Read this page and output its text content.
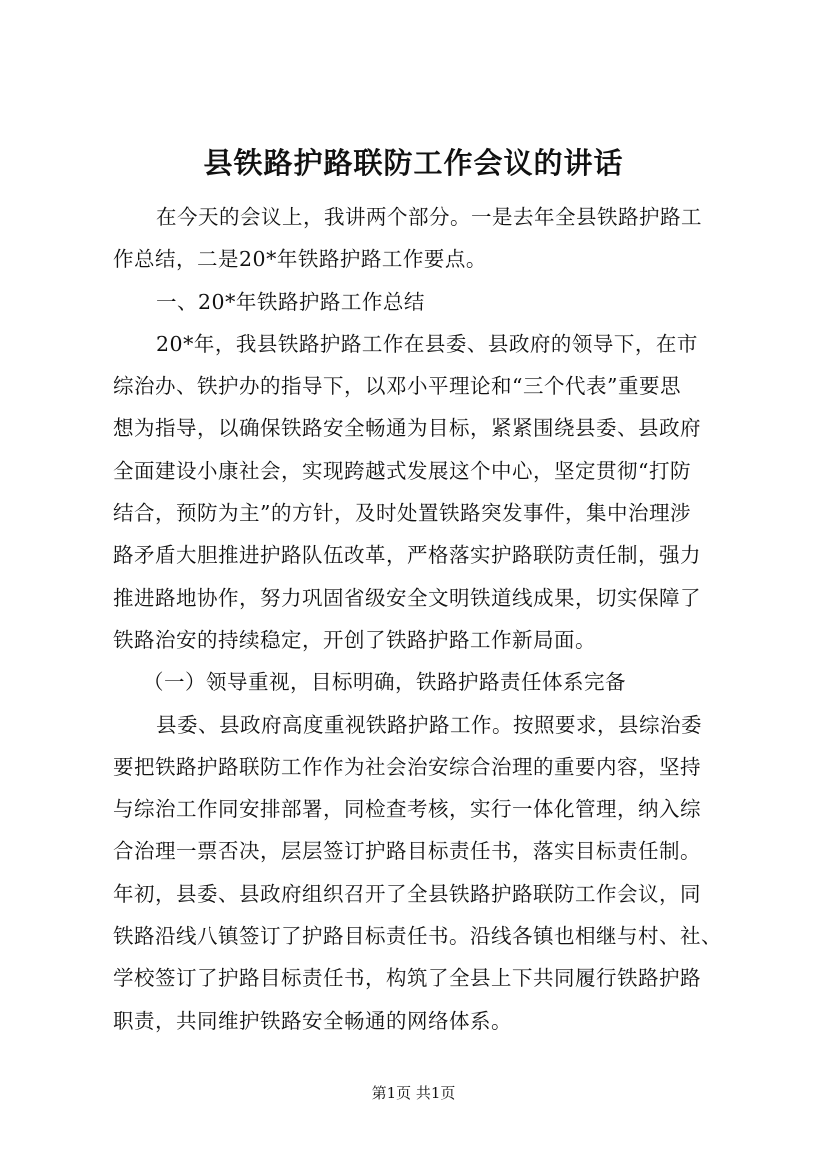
县铁路护路联防工作会议的讲话
在今天的会议上，我讲两个部分。一是去年全县铁路护路工
作总结，二是20*年铁路护路工作要点。
一、20*年铁路护路工作总结
20*年，我县铁路护路工作在县委、县政府的领导下，在市
综治办、铁护办的指导下，以邓小平理论和“三个代表”重要思
想为指导，以确保铁路安全畅通为目标，紧紧围绕县委、县政府
全面建设小康社会，实现跨越式发展这个中心，坚定贯彻“打防
结合，预防为主”的方针，及时处置铁路突发事件，集中治理涉
路矛盾大胆推进护路队伍改革，严格落实护路联防责任制，强力
推进路地协作，努力巩固省级安全文明铁道线成果，切实保障了
铁路治安的持续稳定，开创了铁路护路工作新局面。
（一）领导重视，目标明确，铁路护路责任体系完备
县委、县政府高度重视铁路护路工作。按照要求，县综治委
要把铁路护路联防工作作为社会治安综合治理的重要内容，坚持
与综治工作同安排部署，同检查考核，实行一体化管理，纳入综
合治理一票否决，层层签订护路目标责任书，落实目标责任制。
年初，县委、县政府组织召开了全县铁路护路联防工作会议，同
铁路沿线八镇签订了护路目标责任书。沿线各镇也相继与村、社、
学校签订了护路目标责任书，构筑了全县上下共同履行铁路护路
职责，共同维护铁路安全畅通的网络体系。
第1页 共1页
